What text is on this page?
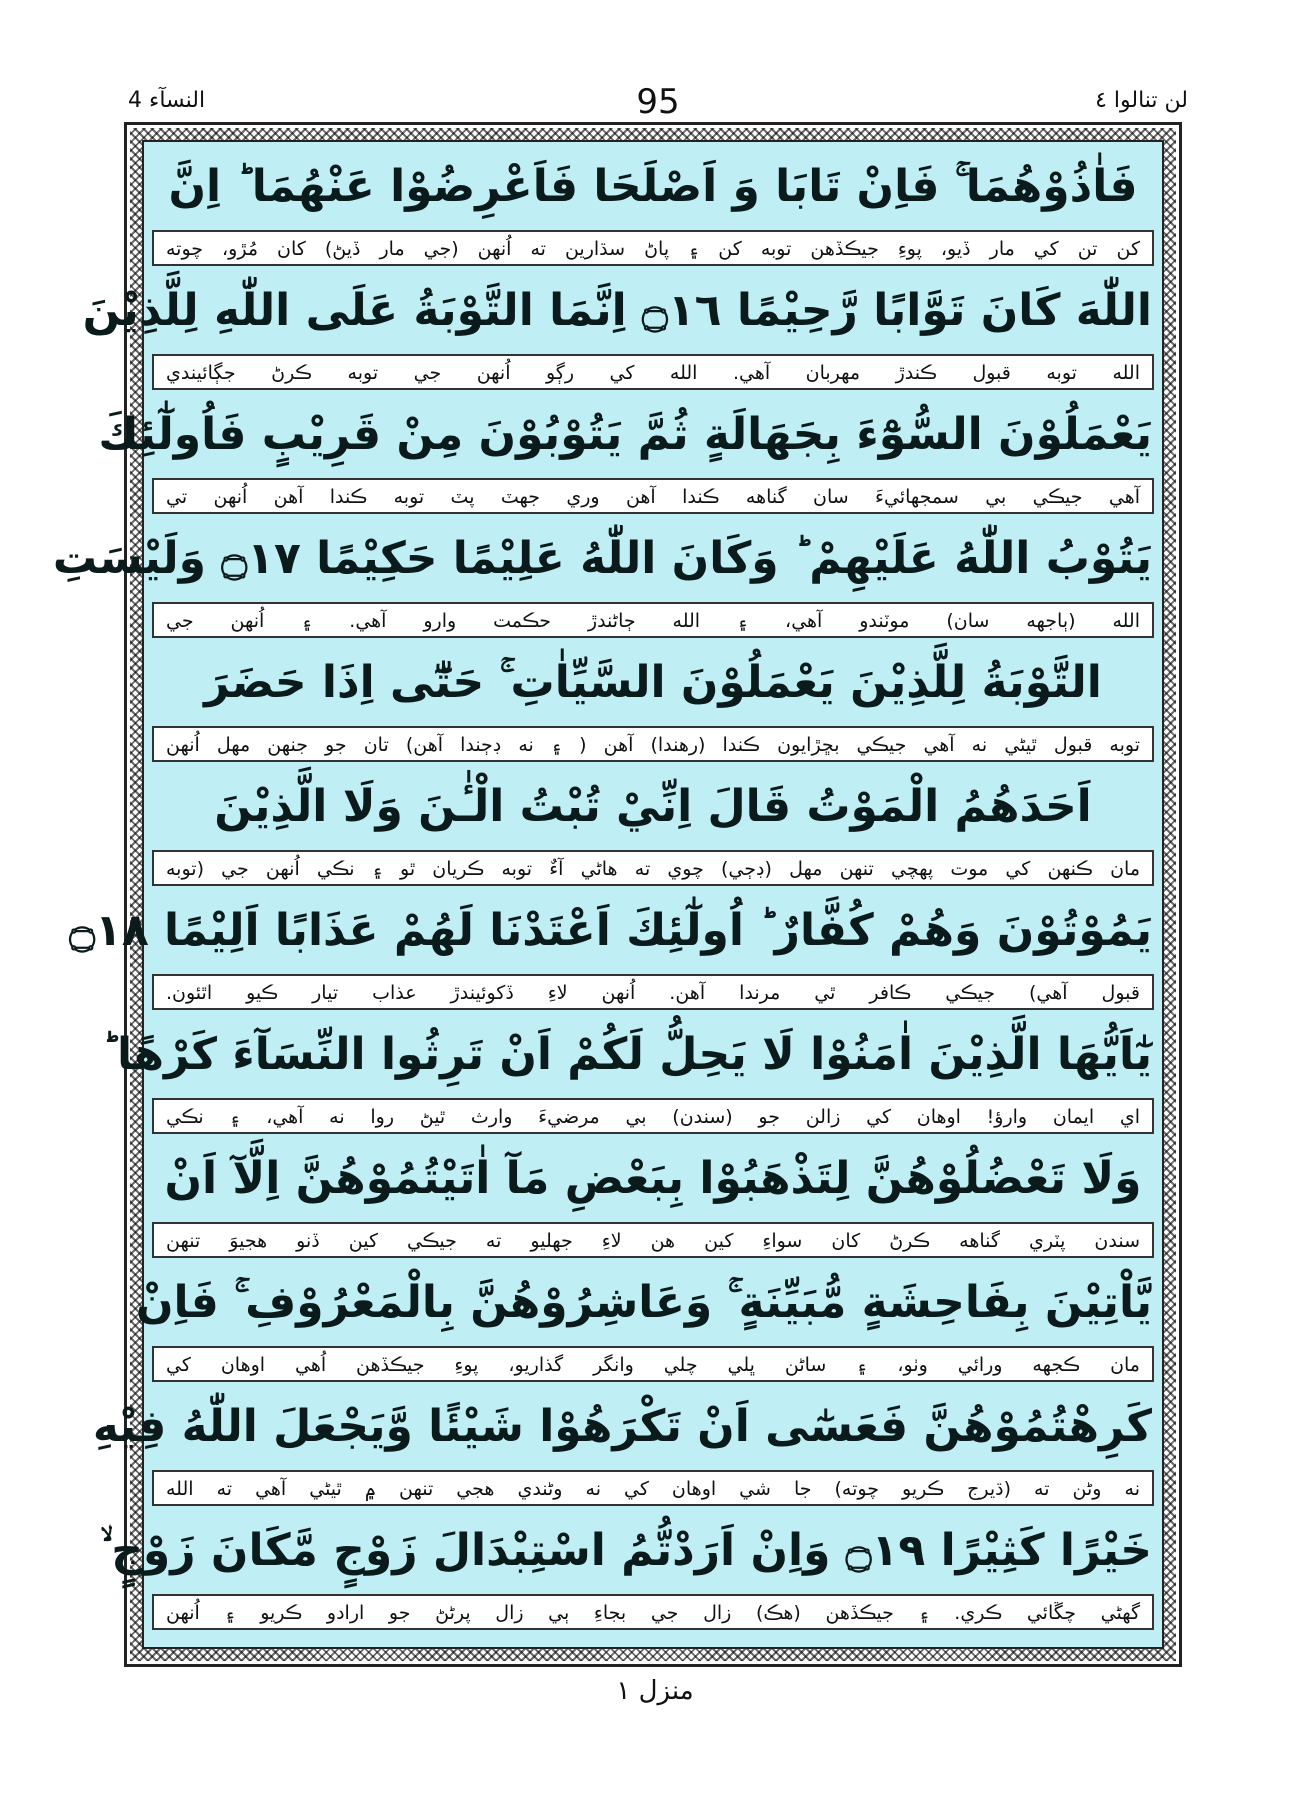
النسآء 4	95	لن تنالوا ٤
فَاٰذُوْهُمَا ۚ فَاِنْ تَابَا وَ اَصْلَحَا فَاَعْرِضُوْا عَنْهُمَا ؕ اِنَّ
کن تن کي مار ڏيو، پوءِ جيڪڏهن توبه کن ۽ پاڻ سڌارين ته اُنهن (جي مار ڏيڻ) کان مُڙو، چوته
اللّٰهَ كَانَ تَوَّابًا رَّحِيْمًا ۝١٦ اِنَّمَا التَّوْبَةُ عَلَى اللّٰهِ لِلَّذِيْنَ
الله توبه قبول ڪندڙ مهربان آهي. الله کي رڳو اُنهن جي توبه ڪرڻ جڳائيندي
يَعْمَلُوْنَ السُّوْٓءَ بِجَهَالَةٍ ثُمَّ يَتُوْبُوْنَ مِنْ قَرِيْبٍ فَاُولٰٓئِكَ
آهي جيڪي بي سمجهائيءَ سان گناهه ڪندا آهن وري جهٽ پٽ توبه ڪندا آهن اُنهن تي
يَتُوْبُ اللّٰهُ عَلَيْهِمْ ؕ وَكَانَ اللّٰهُ عَلِيْمًا حَكِيْمًا ۝١٧ وَلَيْسَتِ
الله (ٻاجهه سان) موٽندو آهي، ۽ الله ڄاڻندڙ حڪمت وارو آهي. ۽ اُنهن جي
التَّوْبَةُ لِلَّذِيْنَ يَعْمَلُوْنَ السَّيِّاٰتِ ۚ حَتّٰٓى اِذَا حَضَرَ
توبه قبول ٿيڻي نه آهي جيڪي بڇڙايون ڪندا (رهندا) آهن ( ۽ نه ڊڄندا آهن) تان جو جنهن مهل اُنهن
اَحَدَهُمُ الْمَوْتُ قَالَ اِنِّيْ تُبْتُ الْـٰٔنَ وَلَا الَّذِيْنَ
مان ڪنهن کي موت پهچي تنهن مهل (ڊڄي) چوي ته هاڻي آءٌ توبه ڪريان ٿو ۽ نڪي اُنهن جي (توبه
يَمُوْتُوْنَ وَهُمْ كُفَّارٌ ؕ اُولٰٓئِكَ اَعْتَدْنَا لَهُمْ عَذَابًا اَلِيْمًا ۝١٨
قبول آهي) جيڪي ڪافر ٿي مرندا آهن. اُنهن لاءِ ڏکوئيندڙ عذاب تيار ڪيو اٿئون.
يٰٓاَيُّهَا الَّذِيْنَ اٰمَنُوْا لَا يَحِلُّ لَكُمْ اَنْ تَرِثُوا النِّسَآءَ كَرْهًا ؕ
اي ايمان وارؤ! اوهان کي زالن جو (سندن) بي مرضيءَ وارث ٿيڻ روا نه آهي، ۽ نڪي
وَلَا تَعْضُلُوْهُنَّ لِتَذْهَبُوْا بِبَعْضِ مَآ اٰتَيْتُمُوْهُنَّ اِلَّآ اَنْ
سندن پٽري گناهه ڪرڻ کان سواءِ کين هن لاءِ جهليو ته جيڪي کين ڏنو هجيوَ تنهن
يَّاْتِيْنَ بِفَاحِشَةٍ مُّبَيِّنَةٍ ۚ وَعَاشِرُوْهُنَّ بِالْمَعْرُوْفِ ۚ فَاِنْ
مان ڪجهه ورائي وٺو، ۽ ساڻن ڀلي چلي وانگر گذاريو، پوءِ جيڪڏهن اُهي اوهان کي
كَرِهْتُمُوْهُنَّ فَعَسٰٓى اَنْ تَكْرَهُوْا شَيْئًا وَّيَجْعَلَ اللّٰهُ فِيْهِ
نه وڻن ته (ڌيرج ڪريو چوته) جا شي اوهان کي نه وڻندي هجي تنهن ۾ ٿيڻي آهي ته الله
خَيْرًا كَثِيْرًا ۝١٩ وَاِنْ اَرَدْتُّمُ اسْتِبْدَالَ زَوْجٍ مَّكَانَ زَوْجٍ ۙ
گهڻي چڱائي ڪري. ۽ جيڪڏهن (هڪ) زال جي بجاءِ ٻي زال پرڻڻ جو ارادو ڪريو ۽ اُنهن
منزل ١
